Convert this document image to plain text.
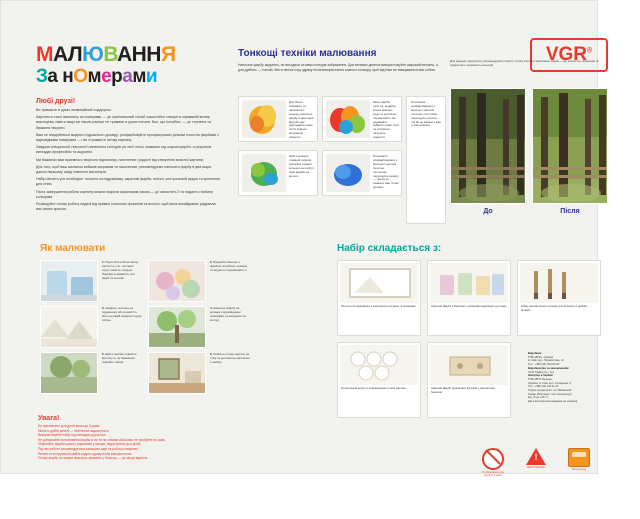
МАЛЮВАННЯ
За нОмерами
VGR®
Любі друзі!

Ви тримаєте в руках незвичайний подарунок.

Картини в стилі живопису за номерами — це оригінальний спосіб самостійно створити справжній витвір мистецтва, навіть якщо ви ніколи раніше не тримали в руках пензля. Все, що потрібно, — це терпіння та бажання творити.

Вам не знадобиться жодного художнього досвіду: розфарбовуйте пронумеровані ділянки полотна фарбами з відповідними номерами — і ви отримаєте готову картину.

Завдяки спеціальній технології нанесення контурів усі лінії легко зникають під шаром фарби, а результат виглядає професійно та акуратно.

Ми бажаємо вам приємного творчого відпочинку, натхнення і радості від створення власної картини.

Для того, щоб ваш малюнок вийшов яскравим та насиченим, рекомендуємо наносити фарбу в два шари, даючи першому шару повністю висохнути.

Набір містить усе необхідне: полотно на підрамнику, акрилові фарби, пензлі, контрольний аркуш та кріплення для стіни.

Після завершення роботи картину можна покрити акриловим лаком — це захистить її та надасть глибини кольорам.

Розміщуйте готову роботу подалі від прямих сонячних променів та вологи, щоб вона якнайдовше радувала вас своєю красою.

Тонкощі техніки малювання
Наносьте фарбу акуратно, не виходячи за межі контурів зображення. Для великих ділянок використовуйте широкий пензель, а для дрібних — тонкий. Мити пензлі слід одразу після використання кожного кольору, щоб відтінки не змішувалися між собою.
Для більш яскравого та насиченого кольору наносьте фарбу в два шари. Другий шар накладайте лише після повного висихання першого.
Якщо фарба загусла, додайте кілька крапель води та ретельно перемішайте. Не додавайте забагато води, щоб не зіпсувати щільність покриття.
Щоб отримати плавний перехід, змішуйте суміжні кольори на палітрі, поки фарба ще волога.
Починайте розфарбовувати з верхньої частини полотна, поступово переходячи донизу — так ви не змажете вже готові ділянки.
Починайте розфарбовувати з верхньої частини полотна, поступово переходячи донизу — так ви не змажете вже готові ділянки.
Для кращого результату рекомендуємо покрити готову картину акриловим лаком — він захистить поверхню та підкреслить яскравість кольорів.
До	Після
Як малювати
1. Підготуйте робоче місце: застеліть стіл, поставте поруч ємність з водою. Перевірте наявність усіх фарб та пензлів.
2. Відкрийте баночку з фарбою потрібного номера та акуратно перемішайте її.
3. Закріпіть полотно на підрамнику або розмістіть його на рівній поверхні перед собою.
4. Наносьте фарбу на ділянки з відповідними номерами, не виходячи за контур.
5. Дайте картині повністю висохнути, за бажанням покрийте лаком.
6. Повісьте готову картину на стіну за допомогою кріплення з набору.
Набір складається з:
Полотно на підрамнику з нанесеним контуром та номерами	Акрилові фарби в баночках з номерами відповідно до схеми	Набір пензлів різного розміру для великих та дрібних ділянок
Контрольний аркуш із зображенням готової картини	Акрилові фарби додаткових відтінків у запечатаних баночках
Виробник:
ТОВ «ВГР», Україна
м. Київ, вул. Промислова, 12
Тел.: +380 (44) 000-00-00
Виробництво за замовленням:
VGR Trading Co., Ltd
Імпортер в Україні:
ТОВ «ВГР-Україна»
Україна, м. Київ, вул. Складська, 4
Тел.: +380 (44) 111-11-11
Термін придатності: не обмежений
Умови зберігання: при температурі
від +5 до +25 °С
Дата виготовлення вказана на упаковці
Увага!
Не призначено для дітей віком до 3 років.
Містить дрібні деталі — небезпека задихнутися.
Використовуйте набір під наглядом дорослих.
Не допускайте потрапляння фарби в очі та на слизові оболонки, не пробуйте на смак.
Зберігайте фарби щільно закритими у місцях, недоступних для дітей.
Під час роботи рекомендується захищати одяг та робочу поверхню.
Пензлі та інструменти мийте водою одразу після використання.
Готову фарбу не можна повторно заливати у баночку — це зіпсує відтінок.
Не призначено для дітей до 3 років
!
Увага! Обережно
Виготовлено
